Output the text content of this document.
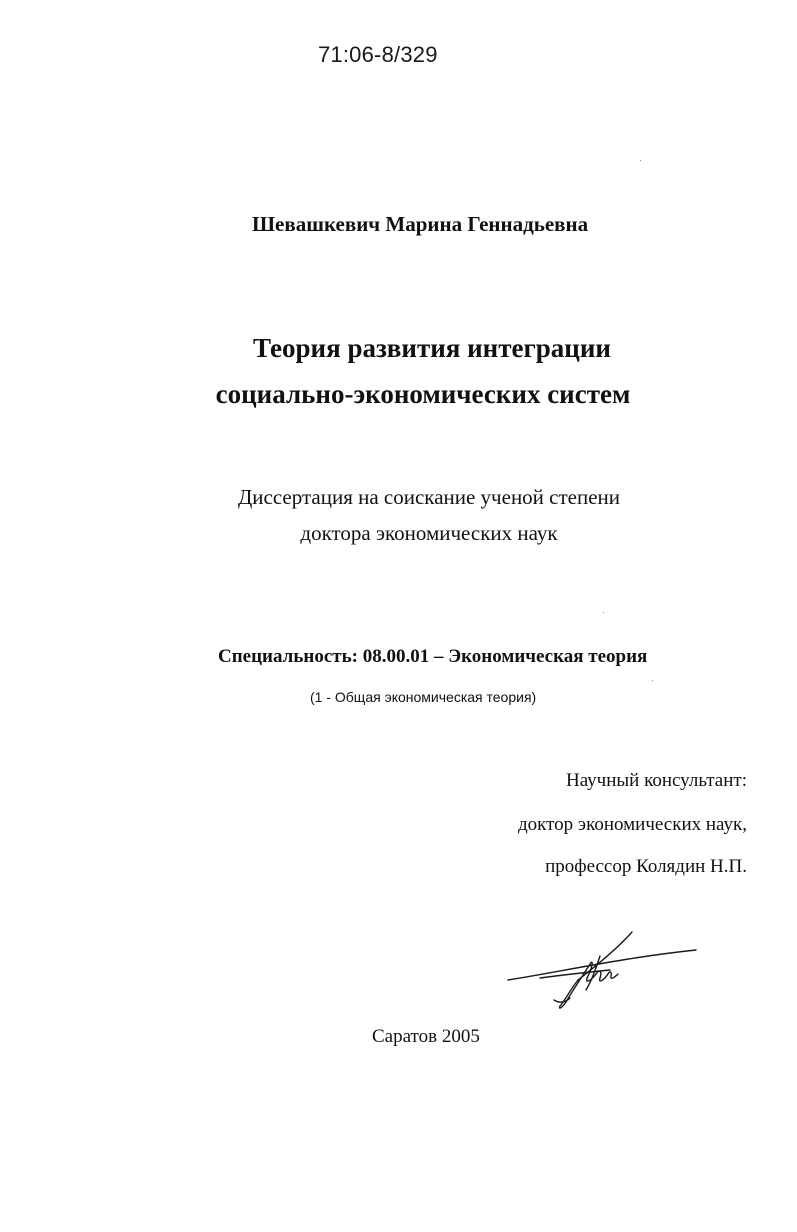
71:06-8/329
Шевашкевич Марина Геннадьевна
Теория развития интеграции
социально-экономических систем
Диссертация на соискание ученой степени
доктора экономических наук
Специальность: 08.00.01 – Экономическая теория
(1 - Общая экономическая теория)
Научный консультант:
доктор экономических наук,
профессор Колядин Н.П.
Саратов 2005
